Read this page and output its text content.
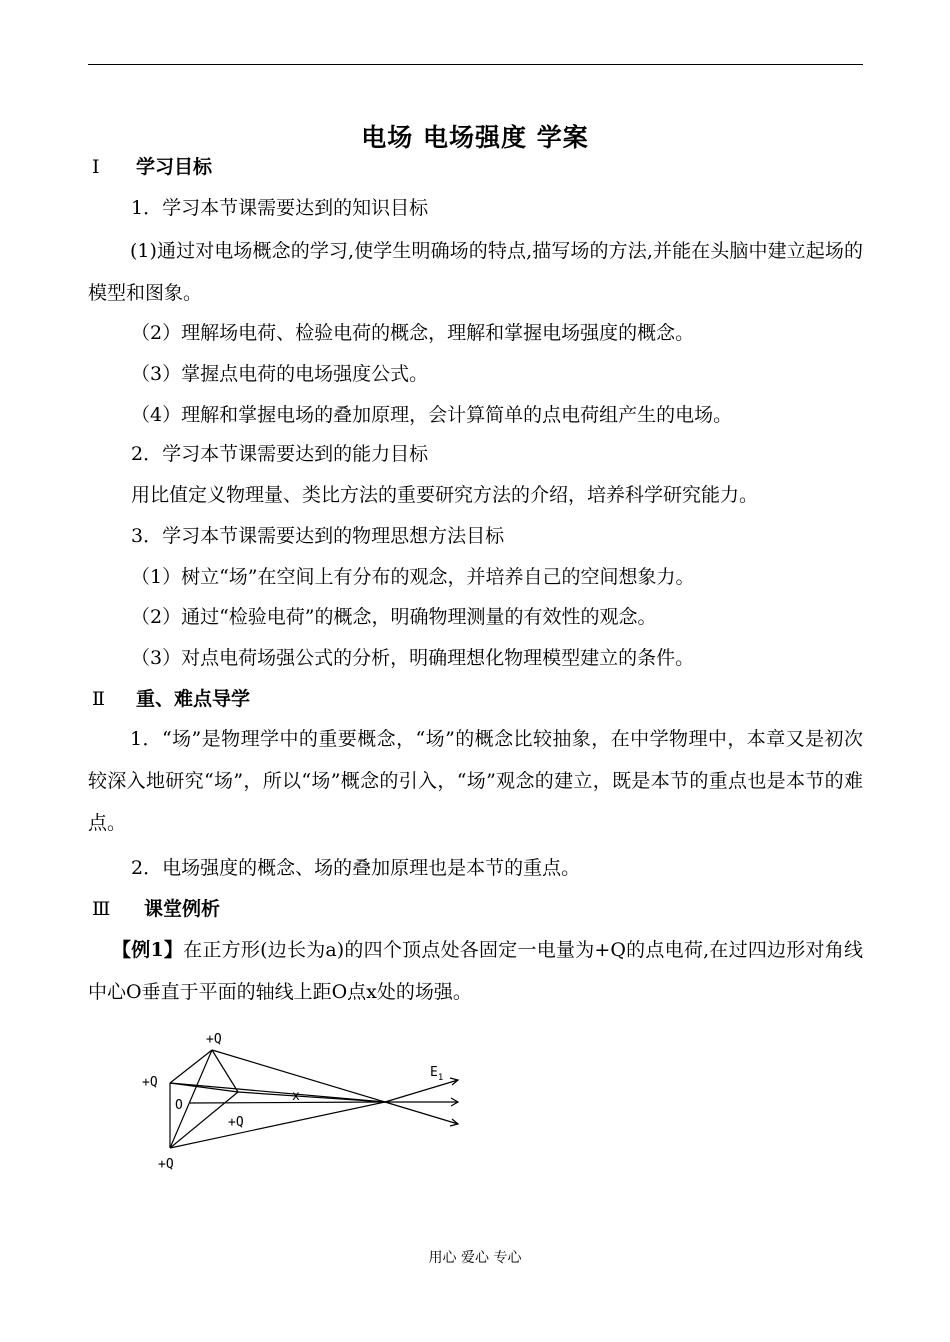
电场 电场强度 学案
Ⅰ 学习目标
1．学习本节课需要达到的知识目标
(1)通过对电场概念的学习,使学生明确场的特点,描写场的方法,并能在头脑中建立起场的模型和图象。
（2）理解场电荷、检验电荷的概念，理解和掌握电场强度的概念。
（3）掌握点电荷的电场强度公式。
（4）理解和掌握电场的叠加原理，会计算简单的点电荷组产生的电场。
2．学习本节课需要达到的能力目标
用比值定义物理量、类比方法的重要研究方法的介绍，培养科学研究能力。
3．学习本节课需要达到的物理思想方法目标
（1）树立“场”在空间上有分布的观念，并培养自己的空间想象力。
（2）通过“检验电荷”的概念，明确物理测量的有效性的观念。
（3）对点电荷场强公式的分析，明确理想化物理模型建立的条件。
Ⅱ 重、难点导学
1．“场”是物理学中的重要概念，“场”的概念比较抽象，在中学物理中，本章又是初次较深入地研究“场”，所以“场”概念的引入，“场”观念的建立，既是本节的重点也是本节的难点。
2．电场强度的概念、场的叠加原理也是本节的重点。
Ⅲ 课堂例析
【例1】在正方形(边长为a)的四个顶点处各固定一电量为+Q的点电荷,在过四边形对角线中心O垂直于平面的轴线上距O点x处的场强。
+Q
+Q
O
+Q
+Q
x
$E_1$
用心 爱心 专心
